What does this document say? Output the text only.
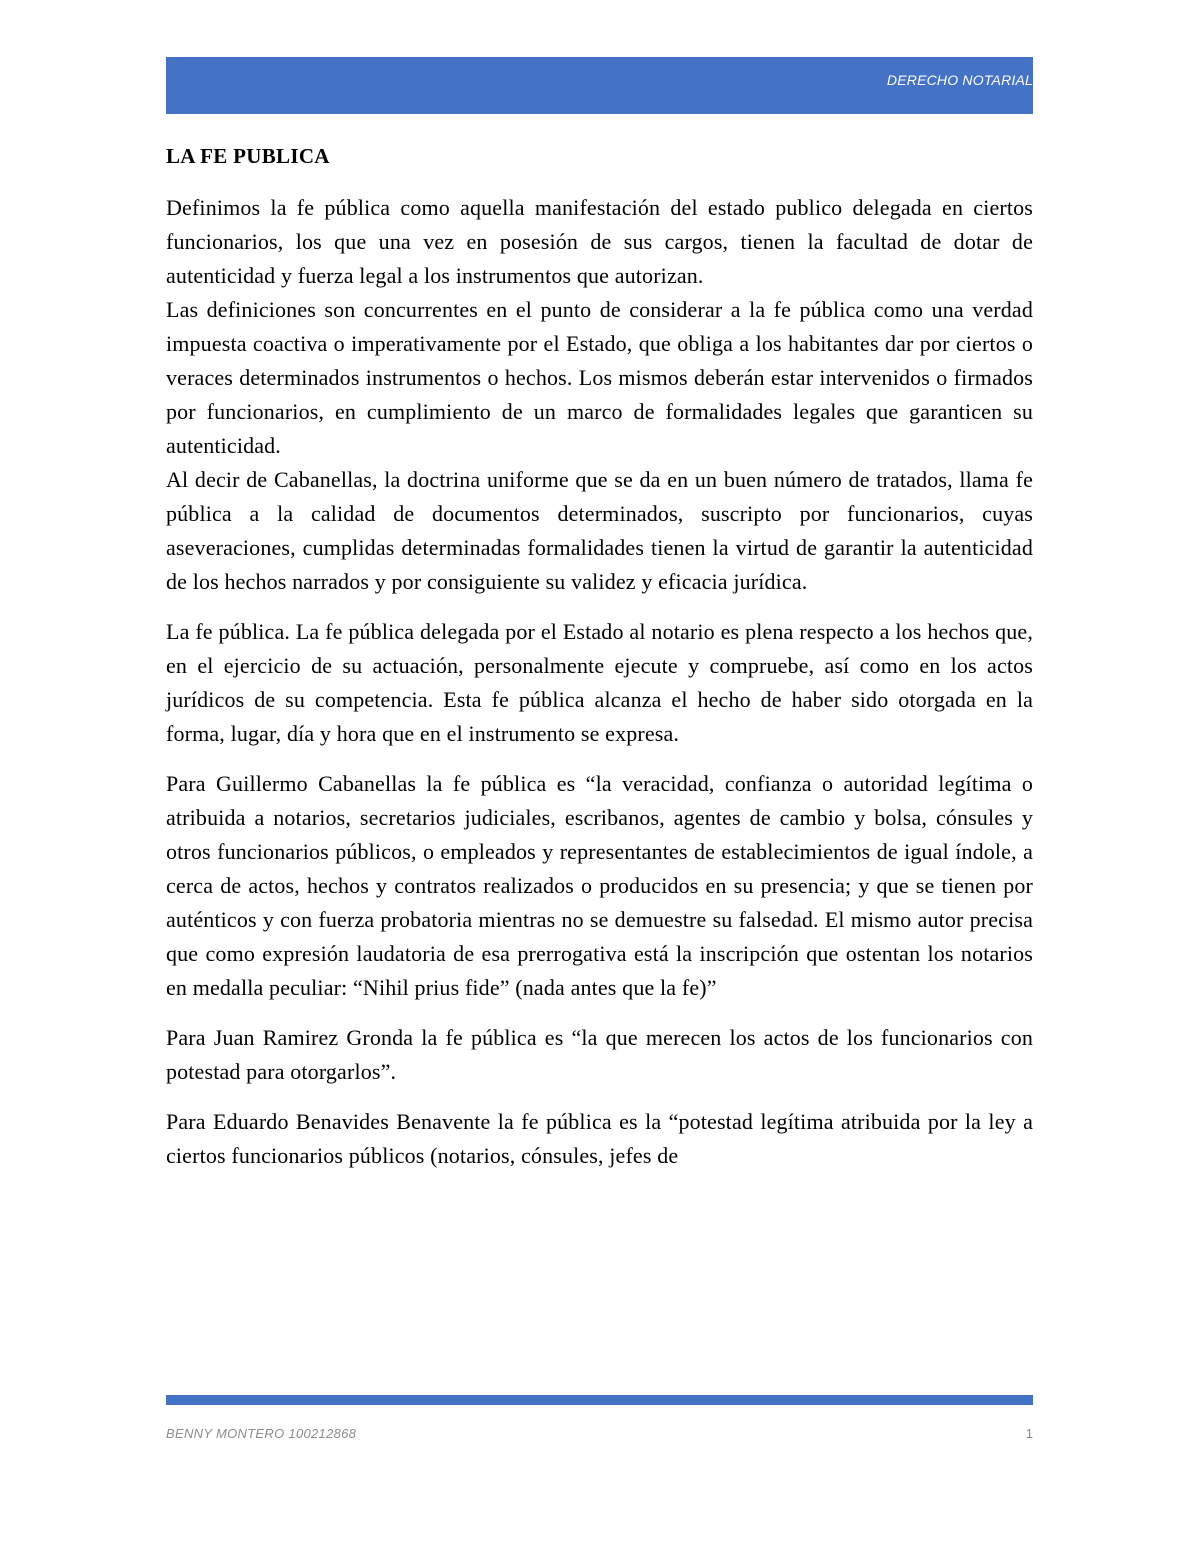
DERECHO NOTARIAL
LA FE PUBLICA

Definimos la fe pública como aquella manifestación del estado publico delegada en ciertos funcionarios, los que una vez en posesión de sus cargos, tienen la facultad de dotar de autenticidad y fuerza legal a los instrumentos que autorizan.

Las definiciones son concurrentes en el punto de considerar a la fe pública como una verdad impuesta coactiva o imperativamente por el Estado, que obliga a los habitantes dar por ciertos o veraces determinados instrumentos o hechos. Los mismos deberán estar intervenidos o firmados por funcionarios, en cumplimiento de un marco de formalidades legales que garanticen su autenticidad.

Al decir de Cabanellas, la doctrina uniforme que se da en un buen número de tratados, llama fe pública a la calidad de documentos determinados, suscripto por funcionarios, cuyas aseveraciones, cumplidas determinadas formalidades tienen la virtud de garantir la autenticidad de los hechos narrados y por consiguiente su validez y eficacia jurídica.

La fe pública. La fe pública delegada por el Estado al notario es plena respecto a los hechos que, en el ejercicio de su actuación, personalmente ejecute y compruebe, así como en los actos jurídicos de su competencia. Esta fe pública alcanza el hecho de haber sido otorgada en la forma, lugar, día y hora que en el instrumento se expresa.

Para Guillermo Cabanellas la fe pública es “la veracidad, confianza o autoridad legítima o atribuida a notarios, secretarios judiciales, escribanos, agentes de cambio y bolsa, cónsules y otros funcionarios públicos, o empleados y representantes de establecimientos de igual índole, a cerca de actos, hechos y contratos realizados o producidos en su presencia; y que se tienen por auténticos y con fuerza probatoria mientras no se demuestre su falsedad. El mismo autor precisa que como expresión laudatoria de esa prerrogativa está la inscripción que ostentan los notarios en medalla peculiar: “Nihil prius fide” (nada antes que la fe)”

Para Juan Ramirez Gronda la fe pública es “la que merecen los actos de los funcionarios con potestad para otorgarlos”.

Para Eduardo Benavides Benavente la fe pública es la “potestad legítima atribuida por la ley a ciertos funcionarios públicos (notarios, cónsules, jefes de

BENNY MONTERO 100212868	1
